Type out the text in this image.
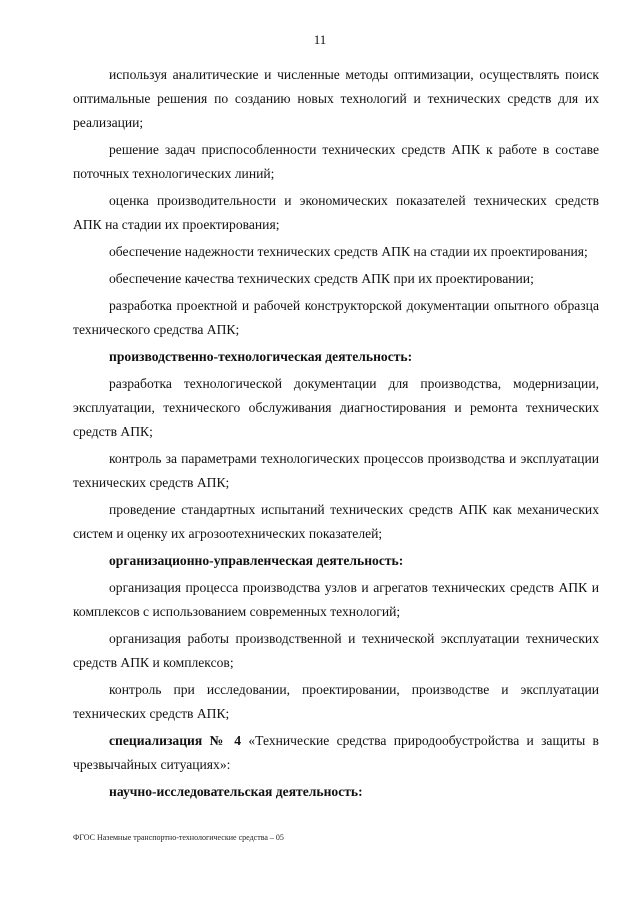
11

используя аналитические и численные методы оптимизации, осуществлять поиск оптимальные решения по созданию новых технологий и технических средств для их реализации;

решение задач приспособленности технических средств АПК к работе в составе поточных технологических линий;

оценка производительности и экономических показателей технических средств АПК на стадии их проектирования;

обеспечение надежности технических средств АПК на стадии их проектирования;

обеспечение качества технических средств АПК при их проектировании;

разработка проектной и рабочей конструкторской документации опытного образца технического средства АПК;

производственно-технологическая деятельность:

разработка технологической документации для производства, модернизации, эксплуатации, технического обслуживания диагностирования и ремонта технических средств АПК;

контроль за параметрами технологических процессов производства и эксплуатации технических средств АПК;

проведение стандартных испытаний технических средств АПК как механических систем и оценку их агрозоотехнических показателей;

организационно-управленческая деятельность:

организация процесса производства узлов и агрегатов технических средств АПК и комплексов с использованием современных технологий;

организация работы производственной и технической эксплуатации технических средств АПК и комплексов;

контроль при исследовании, проектировании, производстве и эксплуатации технических средств АПК;

специализация № 4 «Технические средства природообустройства и защиты в чрезвычайных ситуациях»:

научно-исследовательская деятельность:

ФГОС Наземные транспортно-технологические средства – 05
